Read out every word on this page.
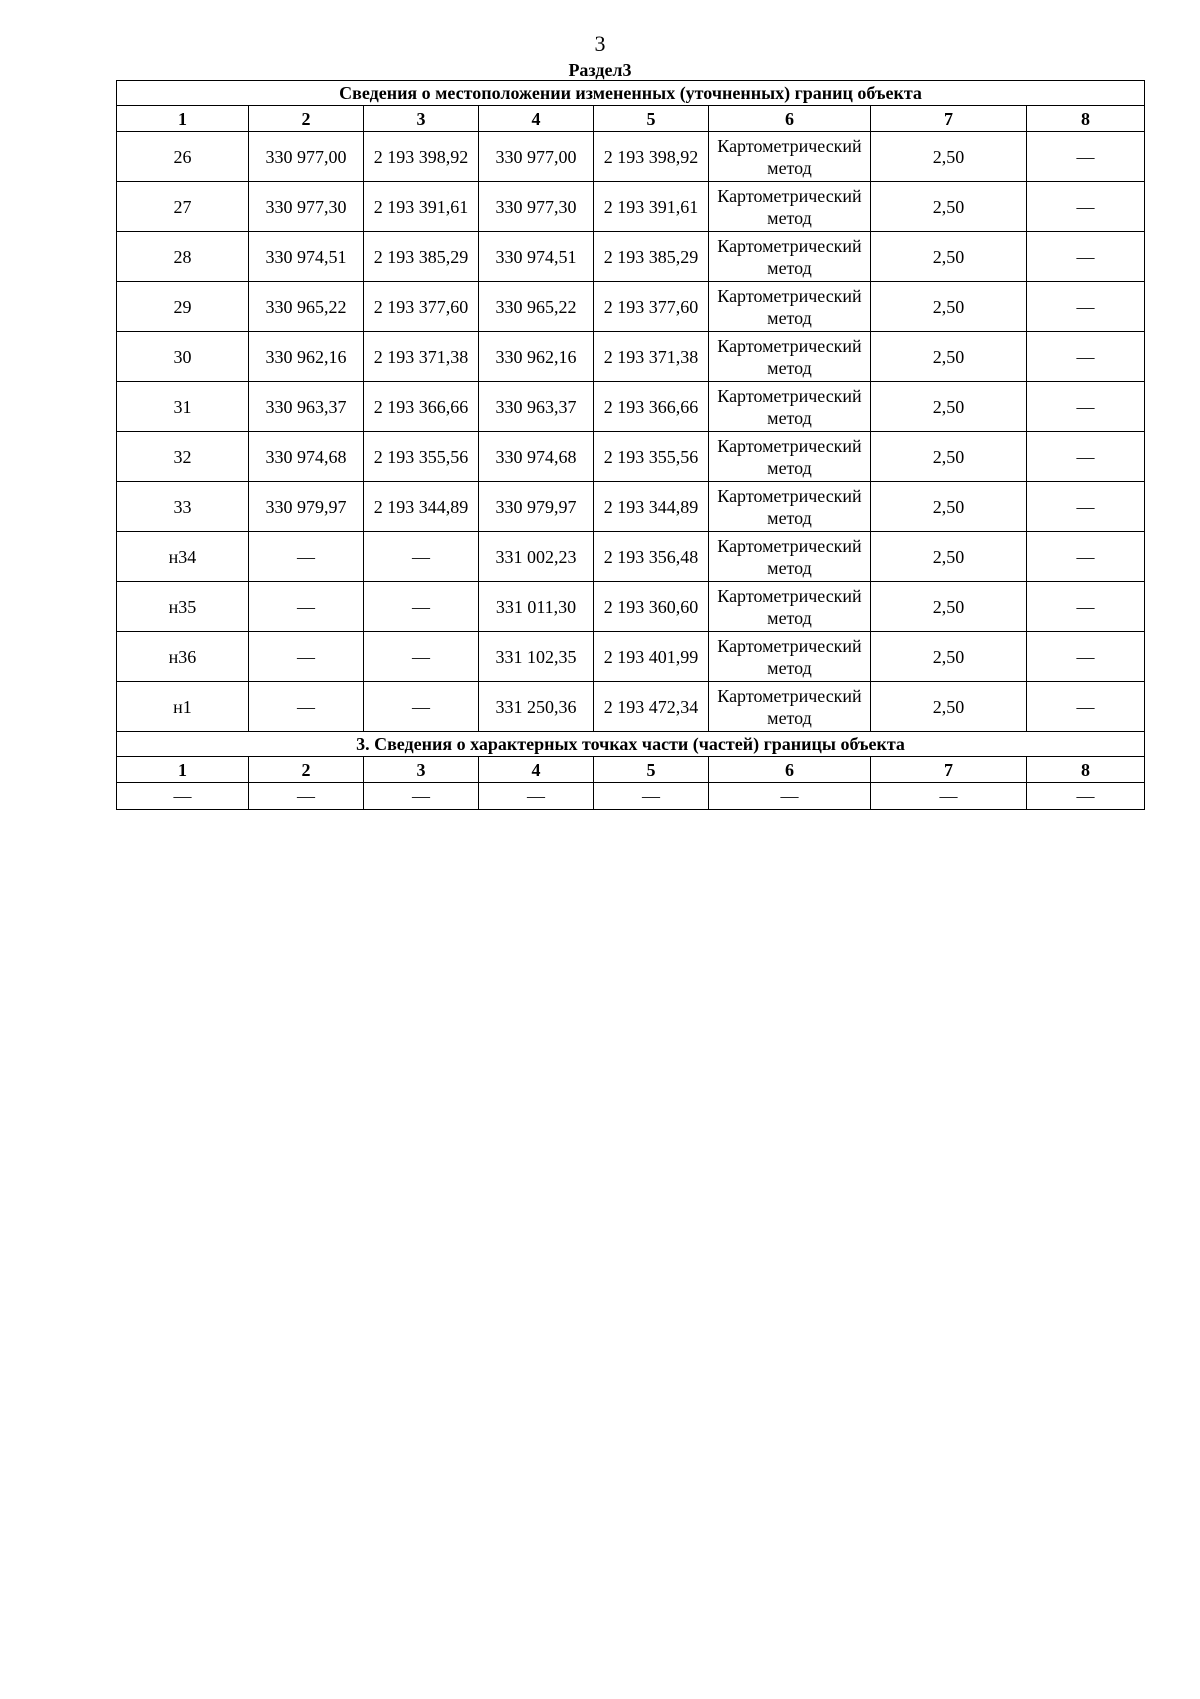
3
Раздел3
Сведения о местоположении измененных (уточненных) границ объекта							
1	2	3	4	5	6	7	8
26	330 977,00	2 193 398,92	330 977,00	2 193 398,92	Картометрический метод	2,50	—
27	330 977,30	2 193 391,61	330 977,30	2 193 391,61	Картометрический метод	2,50	—
28	330 974,51	2 193 385,29	330 974,51	2 193 385,29	Картометрический метод	2,50	—
29	330 965,22	2 193 377,60	330 965,22	2 193 377,60	Картометрический метод	2,50	—
30	330 962,16	2 193 371,38	330 962,16	2 193 371,38	Картометрический метод	2,50	—
31	330 963,37	2 193 366,66	330 963,37	2 193 366,66	Картометрический метод	2,50	—
32	330 974,68	2 193 355,56	330 974,68	2 193 355,56	Картометрический метод	2,50	—
33	330 979,97	2 193 344,89	330 979,97	2 193 344,89	Картометрический метод	2,50	—
н34	—	—	331 002,23	2 193 356,48	Картометрический метод	2,50	—
н35	—	—	331 011,30	2 193 360,60	Картометрический метод	2,50	—
н36	—	—	331 102,35	2 193 401,99	Картометрический метод	2,50	—
н1	—	—	331 250,36	2 193 472,34	Картометрический метод	2,50	—
3. Сведения о характерных точках части (частей) границы объекта							
1	2	3	4	5	6	7	8
—	—	—	—	—	—	—	—
